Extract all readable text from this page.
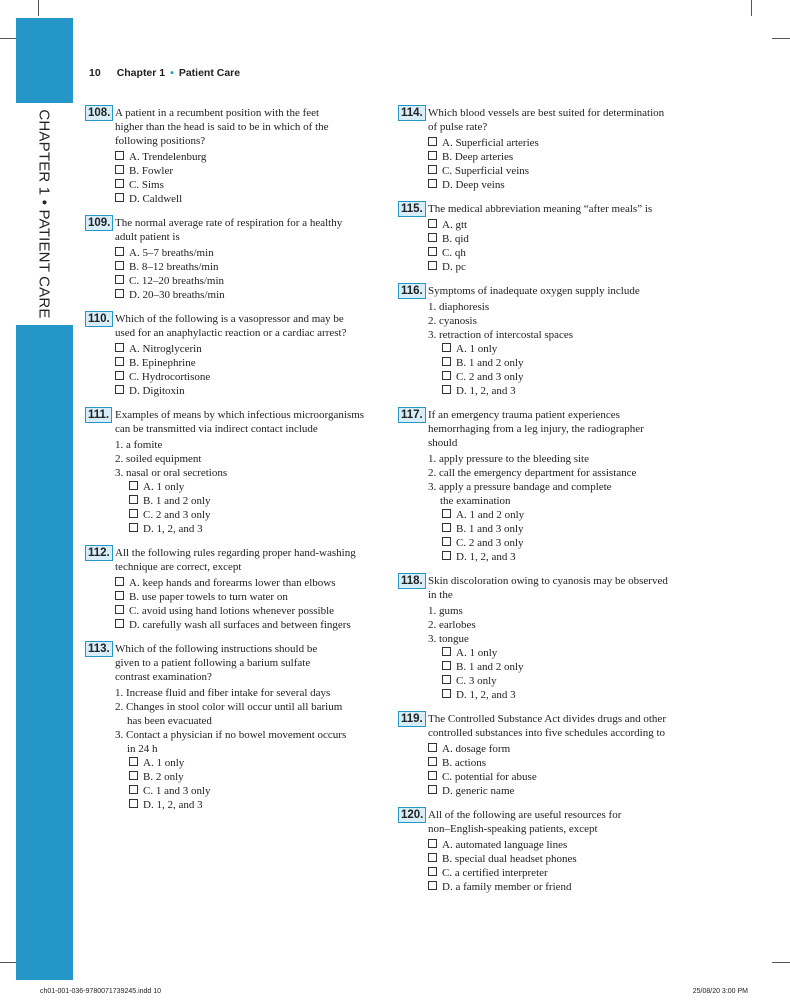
CHAPTER 1 • PATIENT CARE
10 Chapter 1 • Patient Care
108. A patient in a recumbent position with the feet
higher than the head is said to be in which of the
following positions?
A. Trendelenburg
B. Fowler
C. Sims
D. Caldwell
109. The normal average rate of respiration for a healthy
adult patient is
A. 5–7 breaths/min
B. 8–12 breaths/min
C. 12–20 breaths/min
D. 20–30 breaths/min
110. Which of the following is a vasopressor and may be
used for an anaphylactic reaction or a cardiac arrest?
A. Nitroglycerin
B. Epinephrine
C. Hydrocortisone
D. Digitoxin
111. Examples of means by which infectious microorganisms
can be transmitted via indirect contact include
1. a fomite
2. soiled equipment
3. nasal or oral secretions
A. 1 only
B. 1 and 2 only
C. 2 and 3 only
D. 1, 2, and 3
112. All the following rules regarding proper hand-washing
technique are correct, except
A. keep hands and forearms lower than elbows
B. use paper towels to turn water on
C. avoid using hand lotions whenever possible
D. carefully wash all surfaces and between fingers
113. Which of the following instructions should be
given to a patient following a barium sulfate
contrast examination?
1. Increase fluid and fiber intake for several days
2. Changes in stool color will occur until all barium
has been evacuated
3. Contact a physician if no bowel movement occurs
in 24 h
A. 1 only
B. 2 only
C. 1 and 3 only
D. 1, 2, and 3
114. Which blood vessels are best suited for determination
of pulse rate?
A. Superficial arteries
B. Deep arteries
C. Superficial veins
D. Deep veins
115. The medical abbreviation meaning “after meals” is
A. gtt
B. qid
C. qh
D. pc
116. Symptoms of inadequate oxygen supply include
1. diaphoresis
2. cyanosis
3. retraction of intercostal spaces
A. 1 only
B. 1 and 2 only
C. 2 and 3 only
D. 1, 2, and 3
117. If an emergency trauma patient experiences
hemorrhaging from a leg injury, the radiographer
should
1. apply pressure to the bleeding site
2. call the emergency department for assistance
3. apply a pressure bandage and complete
the examination
A. 1 and 2 only
B. 1 and 3 only
C. 2 and 3 only
D. 1, 2, and 3
118. Skin discoloration owing to cyanosis may be observed
in the
1. gums
2. earlobes
3. tongue
A. 1 only
B. 1 and 2 only
C. 3 only
D. 1, 2, and 3
119. The Controlled Substance Act divides drugs and other
controlled substances into five schedules according to
A. dosage form
B. actions
C. potential for abuse
D. generic name
120. All of the following are useful resources for
non–English-speaking patients, except
A. automated language lines
B. special dual headset phones
C. a certified interpreter
D. a family member or friend
ch01-001-036-9780071739245.indd 10	25/08/20 3:00 PM
